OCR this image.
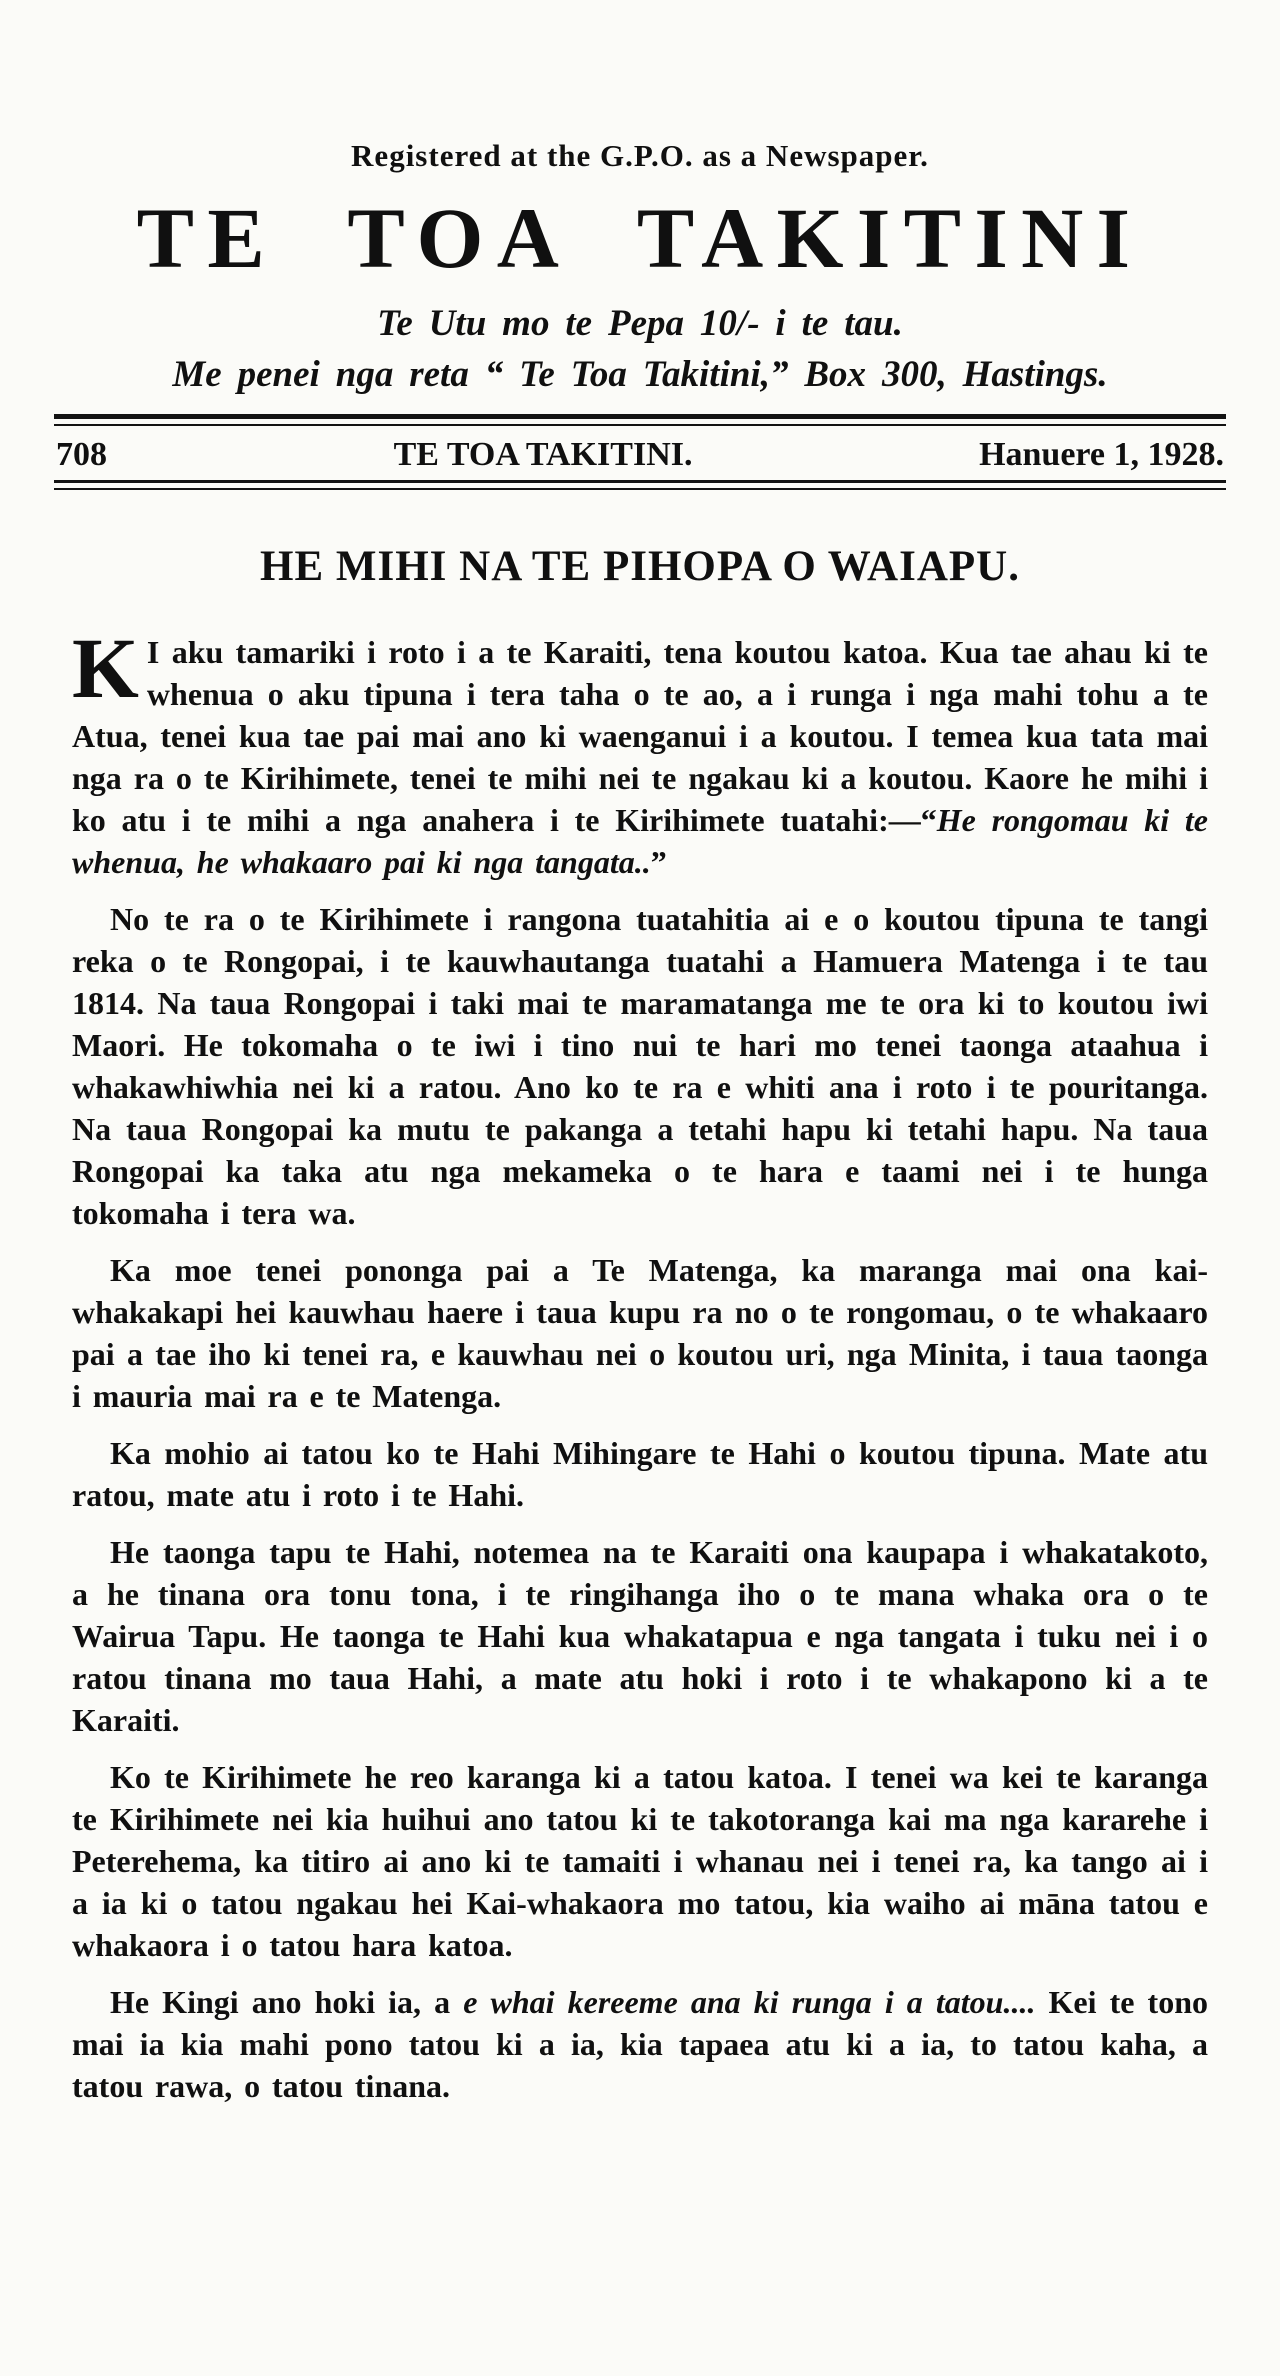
Registered at the G.P.O. as a Newspaper.
TE TOA TAKITINI
Te Utu mo te Pepa 10/- i te tau.
Me penei nga reta “ Te Toa Takitini,” Box 300, Hastings.
708	TE TOA TAKITINI.	Hanuere 1, 1928.
HE MIHI NA TE PIHOPA O WAIAPU.

K I aku tamariki i roto i a te Karaiti, tena koutou katoa. Kua tae ahau ki te whenua o aku tipuna i tera taha o te ao, a i runga i nga mahi tohu a te Atua, tenei kua tae pai mai ano ki waenganui i a koutou. I temea kua tata mai nga ra o te Kirihimete, tenei te mihi nei te ngakau ki a koutou. Kaore he mihi i ko atu i te mihi a nga anahera i te Kirihimete tuatahi:—“He rongomau ki te whenua, he whakaaro pai ki nga tangata..”

No te ra o te Kirihimete i rangona tuatahitia ai e o koutou tipuna te tangi reka o te Rongopai, i te kauwhautanga tuatahi a Hamuera Matenga i te tau 1814. Na taua Rongopai i taki mai te maramatanga me te ora ki to koutou iwi Maori. He tokomaha o te iwi i tino nui te hari mo tenei taonga ataahua i whakawhiwhia nei ki a ratou. Ano ko te ra e whiti ana i roto i te pouritanga. Na taua Rongopai ka mutu te pakanga a tetahi hapu ki tetahi hapu. Na taua Rongopai ka taka atu nga mekameka o te hara e taami nei i te hunga tokomaha i tera wa.

Ka moe tenei pononga pai a Te Matenga, ka maranga mai ona kai-whakakapi hei kauwhau haere i taua kupu ra no o te rongomau, o te whakaaro pai a tae iho ki tenei ra, e kauwhau nei o koutou uri, nga Minita, i taua taonga i mauria mai ra e te Matenga.

Ka mohio ai tatou ko te Hahi Mihingare te Hahi o koutou tipuna. Mate atu ratou, mate atu i roto i te Hahi.

He taonga tapu te Hahi, notemea na te Karaiti ona kaupapa i whakatakoto, a he tinana ora tonu tona, i te ringihanga iho o te mana whaka ora o te Wairua Tapu. He taonga te Hahi kua whakatapua e nga tangata i tuku nei i o ratou tinana mo taua Hahi, a mate atu hoki i roto i te whakapono ki a te Karaiti.

Ko te Kirihimete he reo karanga ki a tatou katoa. I tenei wa kei te karanga te Kirihimete nei kia huihui ano tatou ki te takotoranga kai ma nga kararehe i Peterehema, ka titiro ai ano ki te tamaiti i whanau nei i tenei ra, ka tango ai i a ia ki o tatou ngakau hei Kai-whakaora mo tatou, kia waiho ai māna tatou e whakaora i o tatou hara katoa.

He Kingi ano hoki ia, a e whai kereeme ana ki runga i a tatou.... Kei te tono mai ia kia mahi pono tatou ki a ia, kia tapaea atu ki a ia, to tatou kaha, a tatou rawa, o tatou tinana.
